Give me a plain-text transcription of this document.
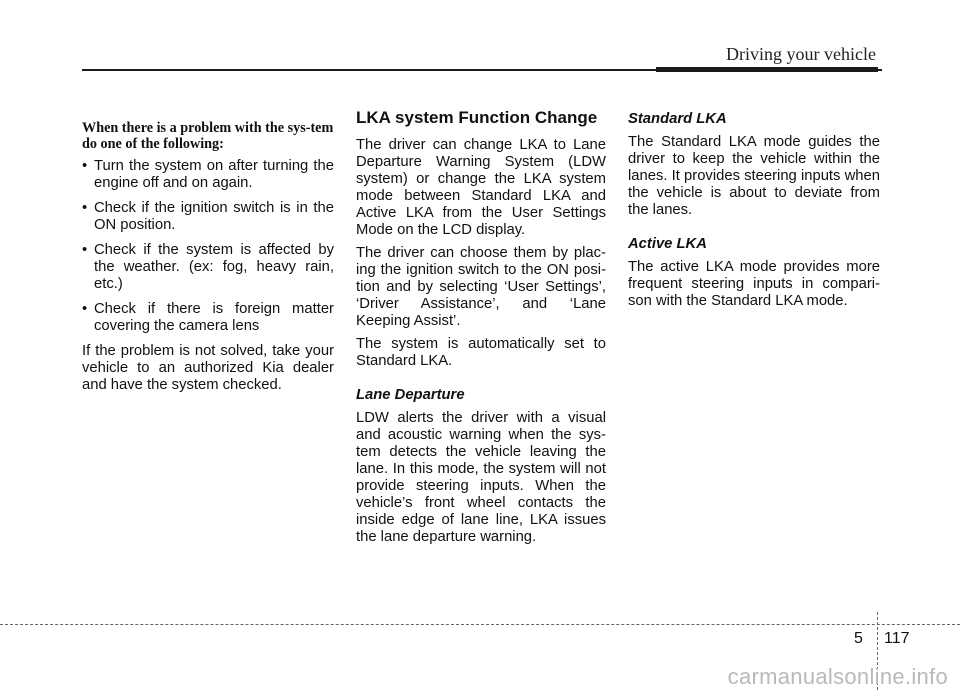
Driving your vehicle
When there is a problem with the sys-tem do one of the following:
• Turn the system on after turning the engine off and on again.
• Check if the ignition switch is in the ON position.
• Check if the system is affected by the weather. (ex: fog, heavy rain, etc.)
• Check if there is foreign matter covering the camera lens

If the problem is not solved, take your vehicle to an authorized Kia dealer and have the system checked.

LKA system Function Change

The driver can change LKA to Lane Departure Warning System (LDW system) or change the LKA system mode between Standard LKA and Active LKA from the User Settings Mode on the LCD display.

The driver can choose them by plac-ing the ignition switch to the ON posi-tion and by selecting ‘User Settings’, ‘Driver Assistance’, and ‘Lane Keeping Assist’.

The system is automatically set to Standard LKA.

Lane Departure

LDW alerts the driver with a visual and acoustic warning when the sys-tem detects the vehicle leaving the lane. In this mode, the system will not provide steering inputs. When the vehicle’s front wheel contacts the inside edge of lane line, LKA issues the lane departure warning.

Standard LKA

The Standard LKA mode guides the driver to keep the vehicle within the lanes. It provides steering inputs when the vehicle is about to deviate from the lanes.

Active LKA

The active LKA mode provides more frequent steering inputs in compari-son with the Standard LKA mode.

5 117
carmanualsonline.info
